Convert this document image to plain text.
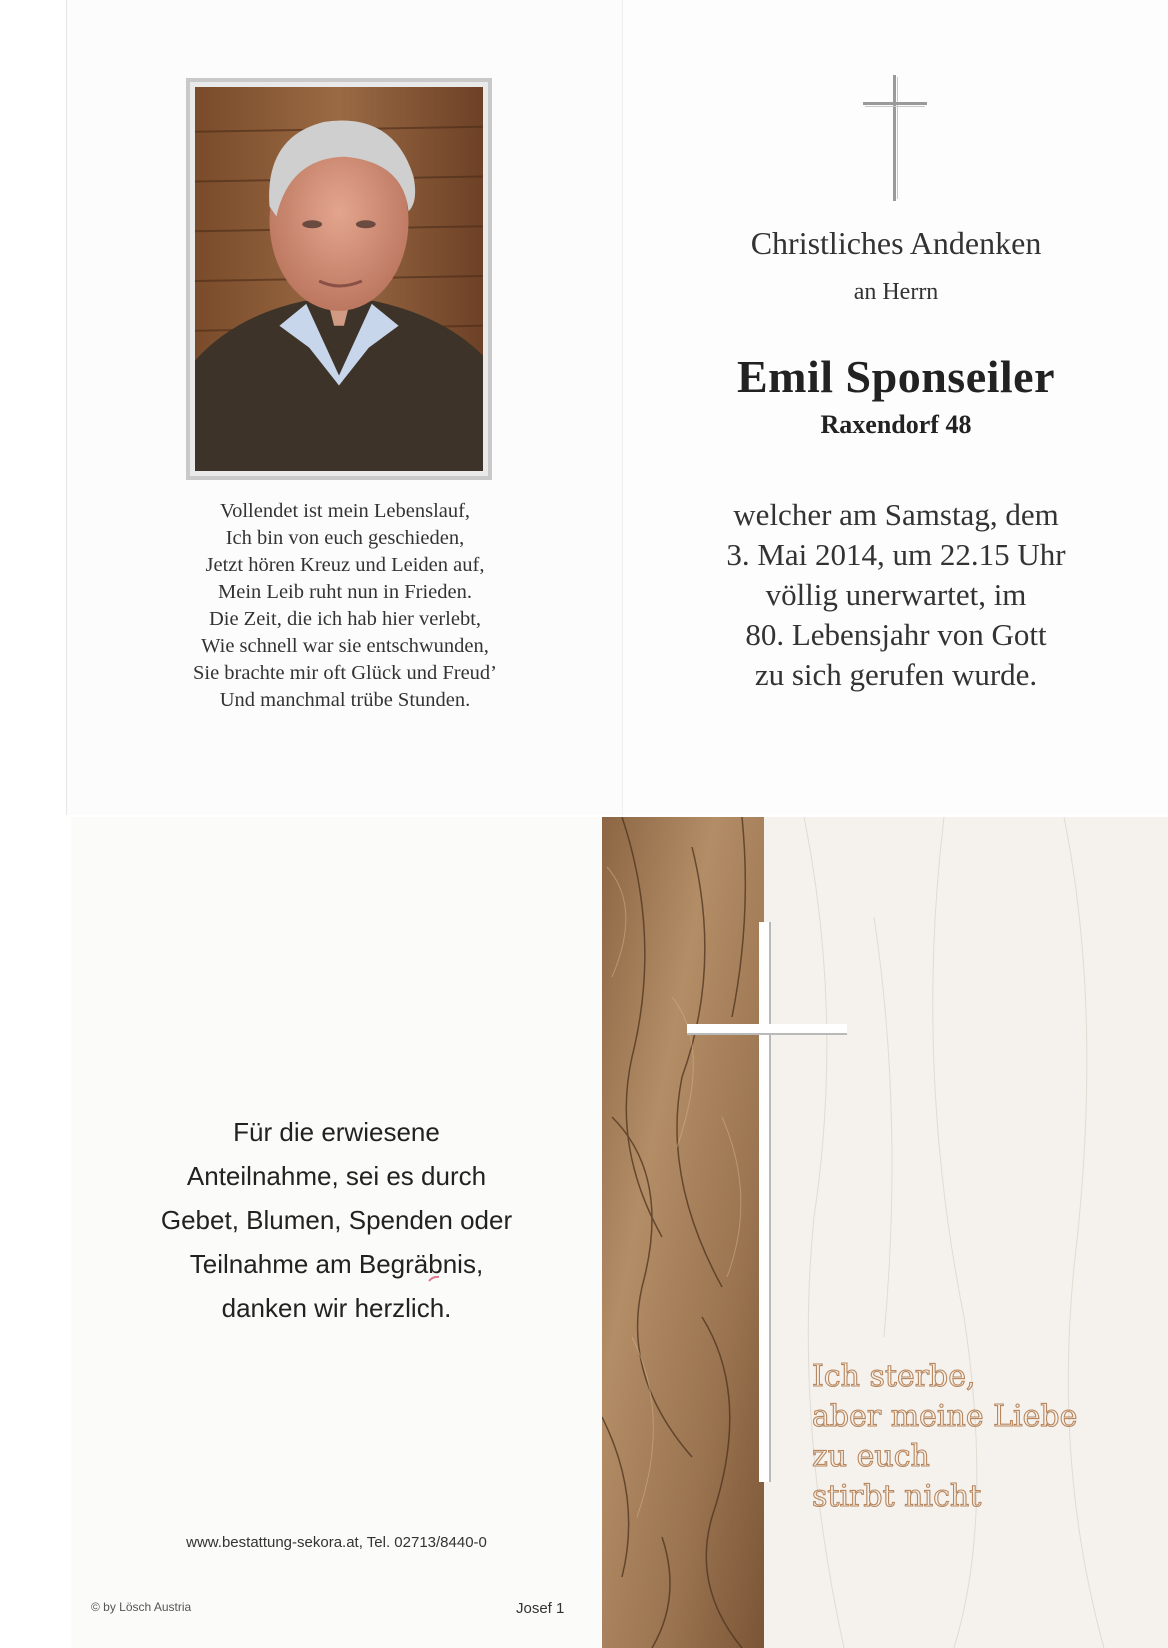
Vollendet ist mein Lebenslauf,
Ich bin von euch geschieden,
Jetzt hören Kreuz und Leiden auf,
Mein Leib ruht nun in Frieden.
Die Zeit, die ich hab hier verlebt,
Wie schnell war sie entschwunden,
Sie brachte mir oft Glück und Freud’
Und manchmal trübe Stunden.
Christliches Andenken
an Herrn
Emil Sponseiler
Raxendorf 48
welcher am Samstag, dem
3. Mai 2014, um 22.15 Uhr
völlig unerwartet, im
80. Lebensjahr von Gott
zu sich gerufen wurde.
Für die erwiesene
Anteilnahme, sei es durch
Gebet, Blumen, Spenden oder
Teilnahme am Begräbnis,
danken wir herzlich.
www.bestattung-sekora.at, Tel. 02713/8440-0
© by Lösch Austria	Josef 1
Ich sterbe,
aber meine Liebe
zu euch
stirbt nicht
